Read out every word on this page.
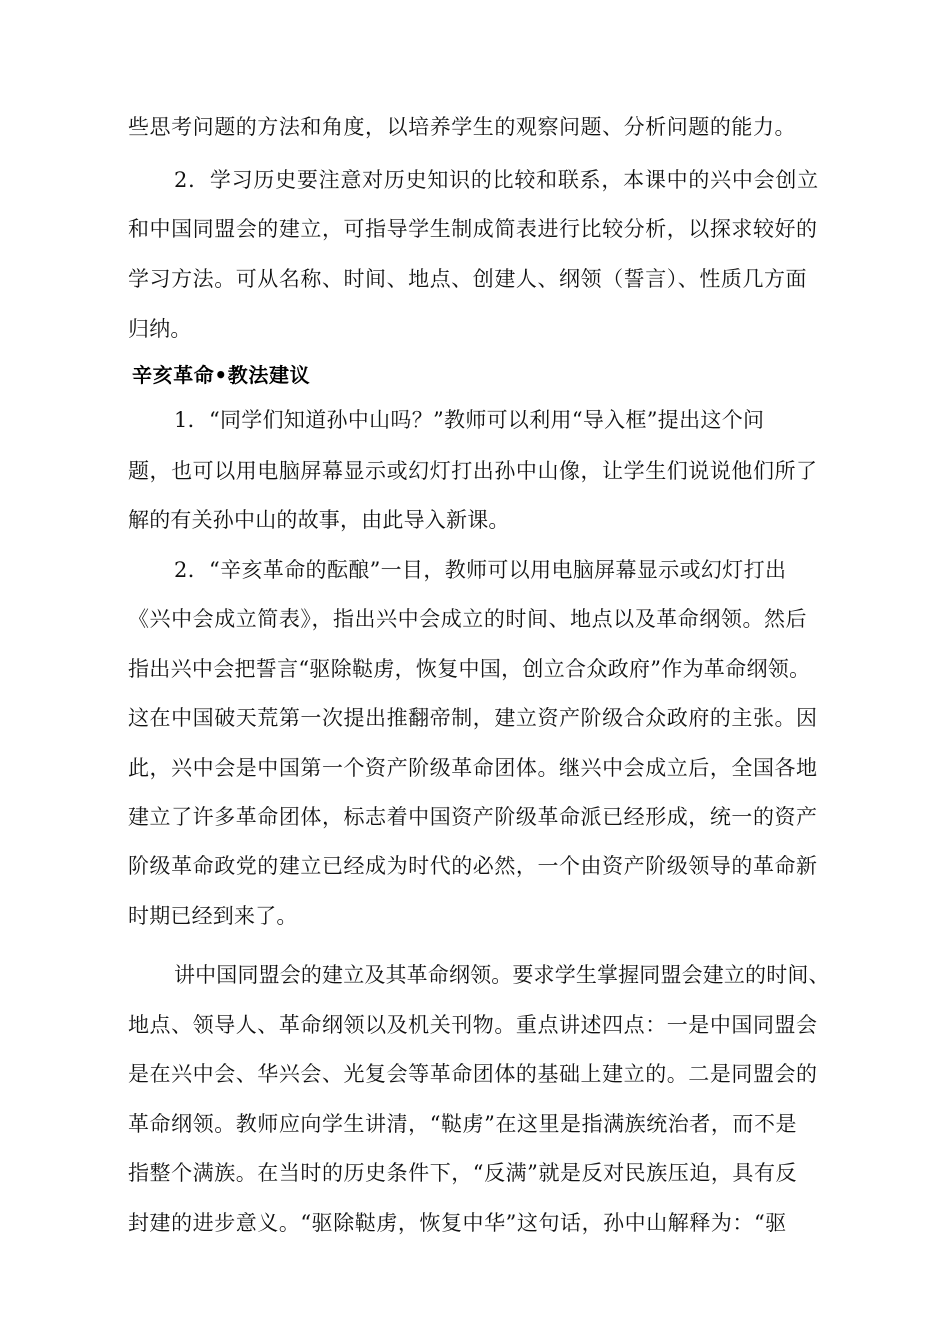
些思考问题的方法和角度，以培养学生的观察问题、分析问题的能力。
2．学习历史要注意对历史知识的比较和联系，本课中的兴中会创立
和中国同盟会的建立，可指导学生制成简表进行比较分析，以探求较好的
学习方法。可从名称、时间、地点、创建人、纲领（誓言）、性质几方面
归纳。
辛亥革命•教法建议
1．“同学们知道孙中山吗？”教师可以利用“导入框”提出这个问
题，也可以用电脑屏幕显示或幻灯打出孙中山像，让学生们说说他们所了
解的有关孙中山的故事，由此导入新课。
2．“辛亥革命的酝酿”一目，教师可以用电脑屏幕显示或幻灯打出
《兴中会成立简表》，指出兴中会成立的时间、地点以及革命纲领。然后
指出兴中会把誓言“驱除鞑虏，恢复中国，创立合众政府”作为革命纲领。
这在中国破天荒第一次提出推翻帝制，建立资产阶级合众政府的主张。因
此，兴中会是中国第一个资产阶级革命团体。继兴中会成立后，全国各地
建立了许多革命团体，标志着中国资产阶级革命派已经形成，统一的资产
阶级革命政党的建立已经成为时代的必然，一个由资产阶级领导的革命新
时期已经到来了。
讲中国同盟会的建立及其革命纲领。要求学生掌握同盟会建立的时间、
地点、领导人、革命纲领以及机关刊物。重点讲述四点：一是中国同盟会
是在兴中会、华兴会、光复会等革命团体的基础上建立的。二是同盟会的
革命纲领。教师应向学生讲清，“鞑虏”在这里是指满族统治者，而不是
指整个满族。在当时的历史条件下，“反满”就是反对民族压迫，具有反
封建的进步意义。“驱除鞑虏，恢复中华”这句话，孙中山解释为：“驱
